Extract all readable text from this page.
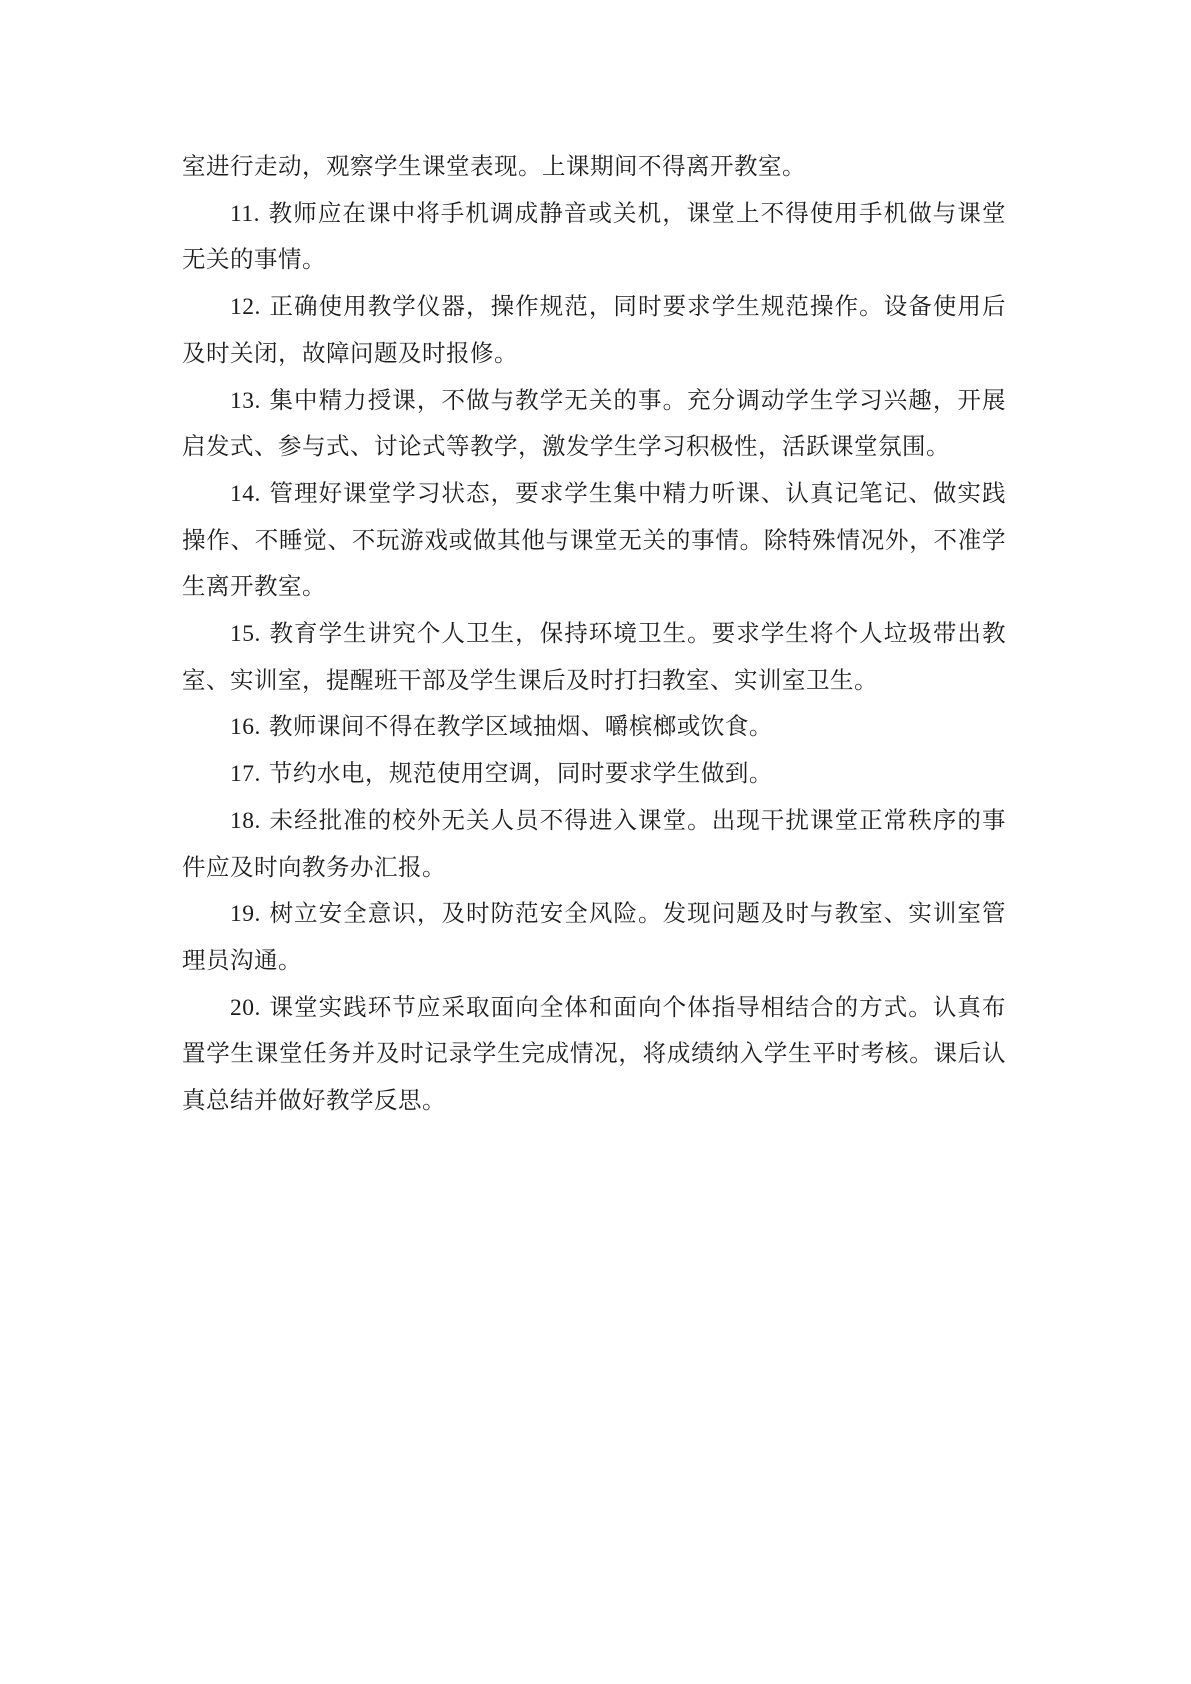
室进行走动，观察学生课堂表现。上课期间不得离开教室。

11. 教师应在课中将手机调成静音或关机，课堂上不得使用手机做与课堂无关的事情。

12. 正确使用教学仪器，操作规范，同时要求学生规范操作。设备使用后及时关闭，故障问题及时报修。

13. 集中精力授课，不做与教学无关的事。充分调动学生学习兴趣，开展启发式、参与式、讨论式等教学，激发学生学习积极性，活跃课堂氛围。

14. 管理好课堂学习状态，要求学生集中精力听课、认真记笔记、做实践操作、不睡觉、不玩游戏或做其他与课堂无关的事情。除特殊情况外，不准学生离开教室。

15. 教育学生讲究个人卫生，保持环境卫生。要求学生将个人垃圾带出教室、实训室，提醒班干部及学生课后及时打扫教室、实训室卫生。

16. 教师课间不得在教学区域抽烟、嚼槟榔或饮食。

17. 节约水电，规范使用空调，同时要求学生做到。

18. 未经批准的校外无关人员不得进入课堂。出现干扰课堂正常秩序的事件应及时向教务办汇报。

19. 树立安全意识，及时防范安全风险。发现问题及时与教室、实训室管理员沟通。

20. 课堂实践环节应采取面向全体和面向个体指导相结合的方式。认真布置学生课堂任务并及时记录学生完成情况，将成绩纳入学生平时考核。课后认真总结并做好教学反思。
